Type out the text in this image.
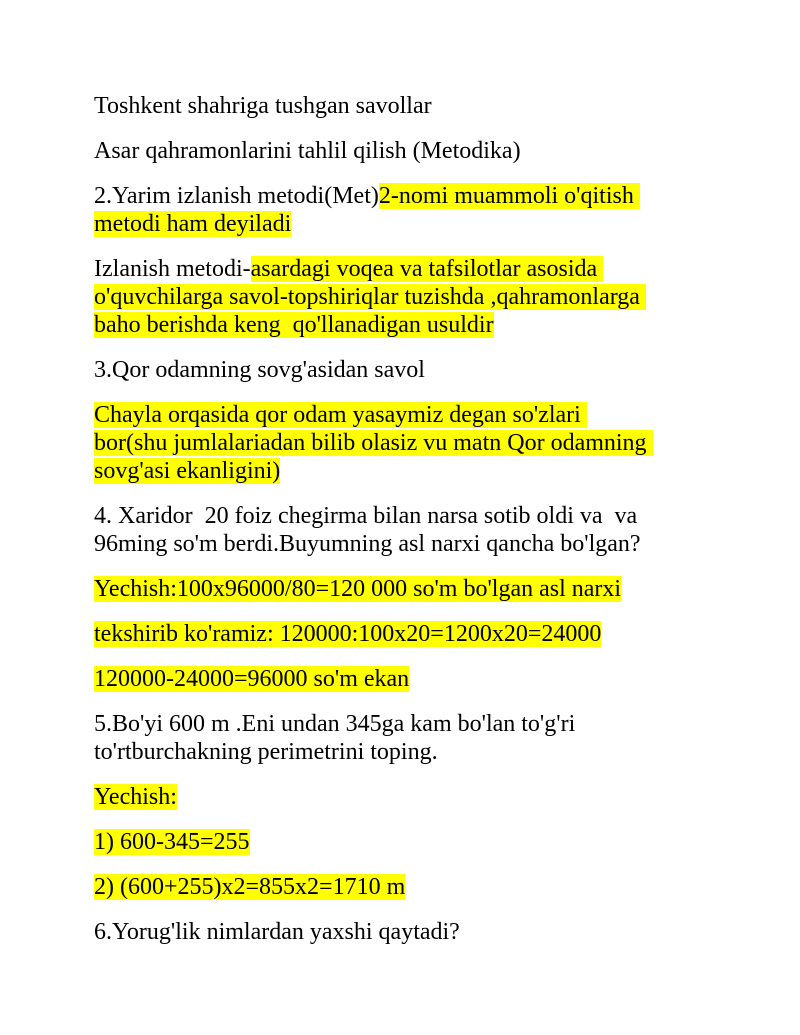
Toshkent shahriga tushgan savollar

Asar qahramonlarini tahlil qilish (Metodika)

2.Yarim izlanish metodi(Met)2-nomi muammoli o'qitish
metodi ham deyiladi

Izlanish metodi-asardagi voqea va tafsilotlar asosida
o'quvchilarga savol-topshiriqlar tuzishda ,qahramonlarga
baho berishda keng  qo'llanadigan usuldir

3.Qor odamning sovg'asidan savol

Chayla orqasida qor odam yasaymiz degan so'zlari
bor(shu jumlalariadan bilib olasiz vu matn Qor odamning
sovg'asi ekanligini)

4. Xaridor  20 foiz chegirma bilan narsa sotib oldi va  va
96ming so'm berdi.Buyumning asl narxi qancha bo'lgan?

Yechish:100x96000/80=120 000 so'm bo'lgan asl narxi

tekshirib ko'ramiz: 120000:100x20=1200x20=24000

120000-24000=96000 so'm ekan

5.Bo'yi 600 m .Eni undan 345ga kam bo'lan to'g'ri
to'rtburchakning perimetrini toping.

Yechish:

1) 600-345=255

2) (600+255)x2=855x2=1710 m

6.Yorug'lik nimlardan yaxshi qaytadi?
